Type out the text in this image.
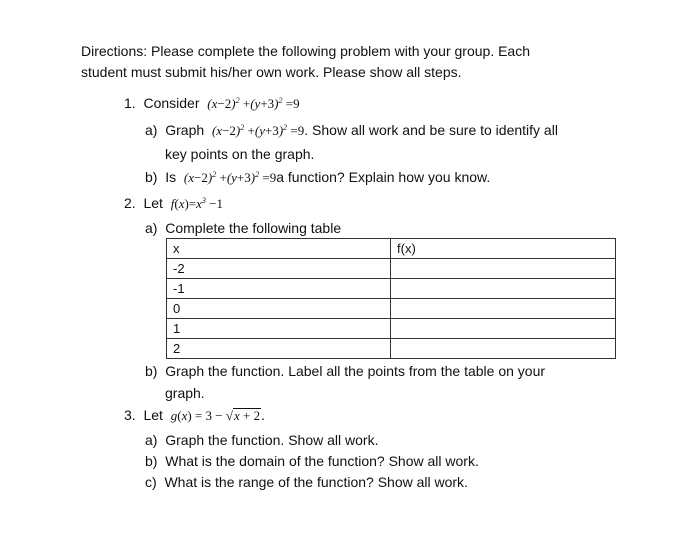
Directions: Please complete the following problem with your group. Each
student must submit his/her own work. Please show all steps.
1. Consider $(x-2)^2 +(y+3)^2 =9$
a) Graph $(x-2)^2 +(y+3)^2 =9$. Show all work and be sure to identify all
key points on the graph.
b) Is $(x-2)^2 +(y+3)^2 =9a$ function? Explain how you know.
2. Let $f(x)=x^3 -1$
a) Complete the following table
x	f(x)
-2	
-1	
0	
1	
2	
b) Graph the function. Label all the points from the table on your
graph.
3. Let g(x) = 3 − √x + 2.
a) Graph the function. Show all work.
b) What is the domain of the function? Show all work.
c) What is the range of the function? Show all work.
